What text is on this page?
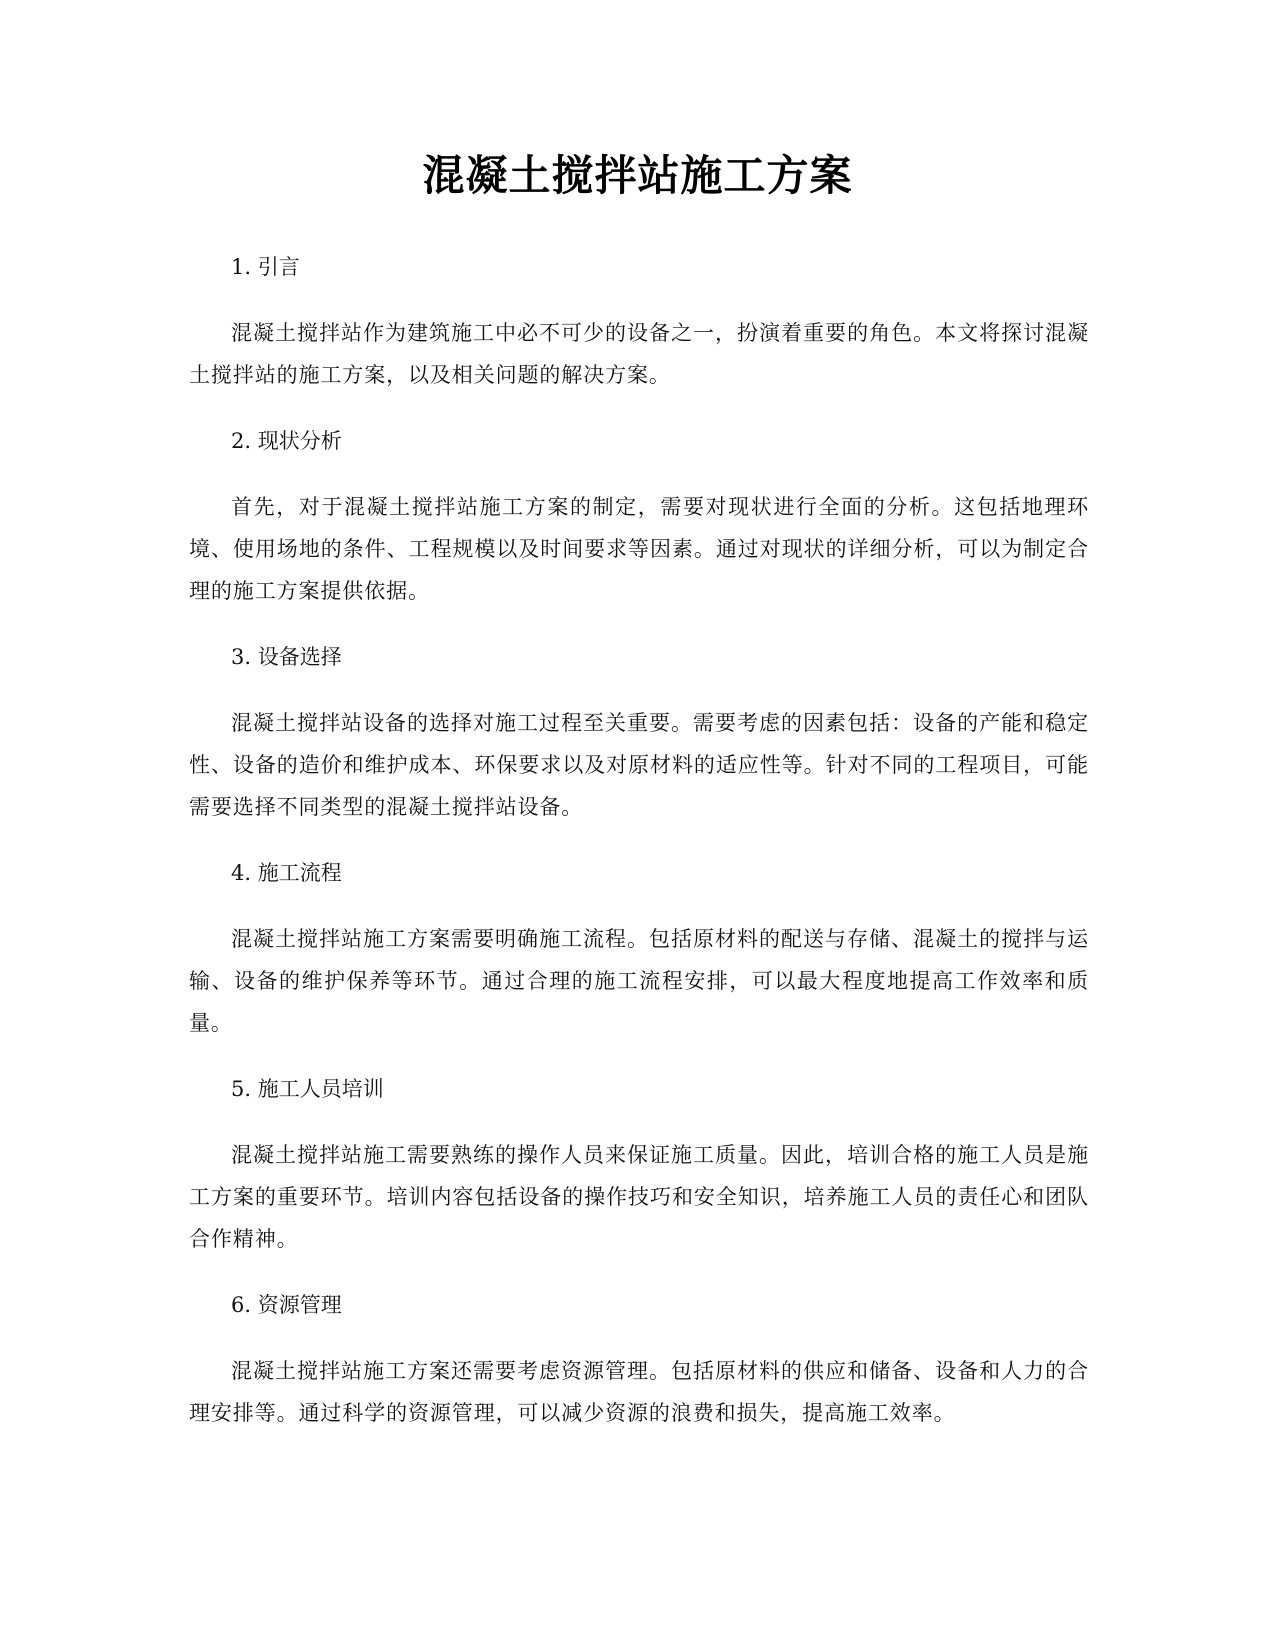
混凝土搅拌站施工方案

1. 引言

混凝土搅拌站作为建筑施工中必不可少的设备之一，扮演着重要的角色。本文将探讨混凝土搅拌站的施工方案，以及相关问题的解决方案。

2. 现状分析

首先，对于混凝土搅拌站施工方案的制定，需要对现状进行全面的分析。这包括地理环境、使用场地的条件、工程规模以及时间要求等因素。通过对现状的详细分析，可以为制定合理的施工方案提供依据。

3. 设备选择

混凝土搅拌站设备的选择对施工过程至关重要。需要考虑的因素包括：设备的产能和稳定性、设备的造价和维护成本、环保要求以及对原材料的适应性等。针对不同的工程项目，可能需要选择不同类型的混凝土搅拌站设备。

4. 施工流程

混凝土搅拌站施工方案需要明确施工流程。包括原材料的配送与存储、混凝土的搅拌与运输、设备的维护保养等环节。通过合理的施工流程安排，可以最大程度地提高工作效率和质量。

5. 施工人员培训

混凝土搅拌站施工需要熟练的操作人员来保证施工质量。因此，培训合格的施工人员是施工方案的重要环节。培训内容包括设备的操作技巧和安全知识，培养施工人员的责任心和团队合作精神。

6. 资源管理

混凝土搅拌站施工方案还需要考虑资源管理。包括原材料的供应和储备、设备和人力的合理安排等。通过科学的资源管理，可以减少资源的浪费和损失，提高施工效率。
